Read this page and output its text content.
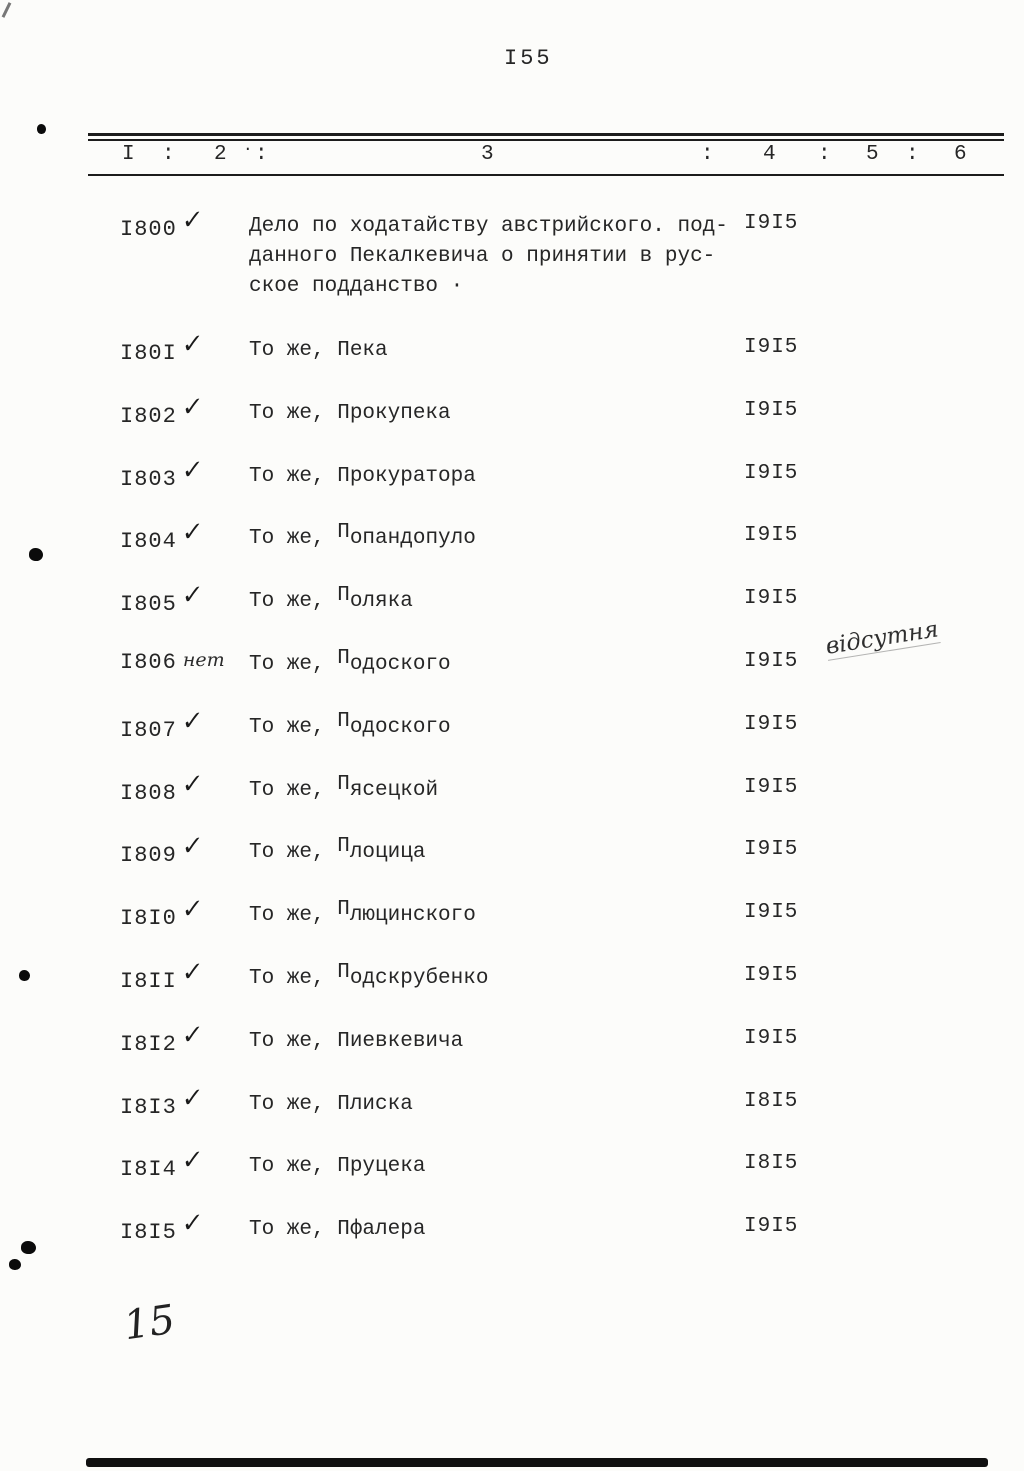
I55
I : 2 · :	3	: 4 : 5 : 6
I800 ✓ Дело по ходатайству австрийского. под-
данного Пекалкевича о принятии в рус-
ское подданство ·
I9I5
I80I ✓ То же, Пека	I9I5
I802 ✓ То же, Прокупека	I9I5
I803 ✓ То же, Прокуратора	I9I5
I804 ✓ То же, Попандопуло	I9I5
I805 ✓ То же, Поляка	I9I5
I806 нет То же, Подоского	I9I5
відсутня
I807 ✓ То же, Подоского	I9I5
I808 ✓ То же, Пясецкой	I9I5
I809 ✓ То же, Плоцица	I9I5
I8I0 ✓ То же, Плюцинского	I9I5
I8II ✓ То же, Подскрубенко	I9I5
I8I2 ✓ То же, Пиевкевича	I9I5
I8I3 ✓ То же, Плиска	I8I5
I8I4 ✓ То же, Пруцека	I8I5
I8I5 ✓ То же, Пфалера	I9I5
15
